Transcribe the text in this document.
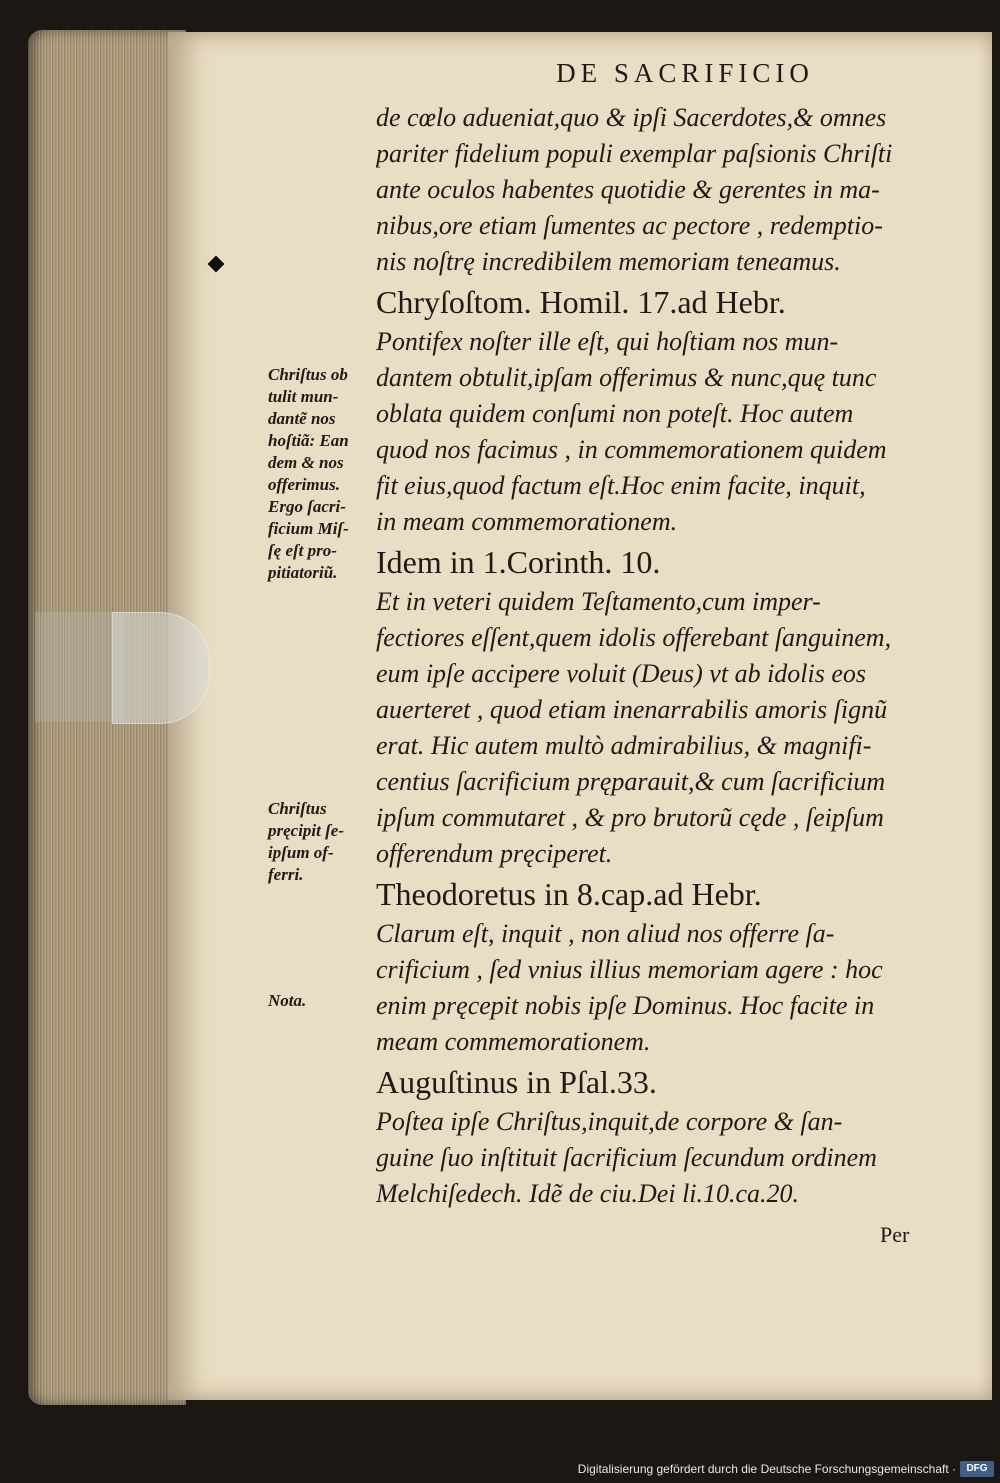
DE SACRIFICIO
de cœlo adueniat,quo & ipſi Sacerdotes,& omnes
pariter fidelium populi exemplar paſsionis Chriſti
ante oculos habentes quotidie & gerentes in ma-
nibus,ore etiam ſumentes ac pectore , redemptio-
nis noſtrę incredibilem memoriam teneamus.
Chryſoſtom. Homil. 17.ad Hebr.
Pontifex noſter ille eſt, qui hoſtiam nos mun-
dantem obtulit,ipſam offerimus & nunc,quę tunc
oblata quidem conſumi non poteſt. Hoc autem
quod nos facimus , in commemorationem quidem
fit eius,quod factum eſt.Hoc enim facite, inquit,
in meam commemorationem.
Idem in 1.Corinth. 10.
Et in veteri quidem Teſtamento,cum imper-
fectiores eſſent,quem idolis offerebant ſanguinem,
eum ipſe accipere voluit (Deus) vt ab idolis eos
auerteret , quod etiam inenarrabilis amoris ſignũ
erat. Hic autem multò admirabilius, & magnifi-
centius ſacrificium pręparauit,& cum ſacrificium
ipſum commutaret , & pro brutorũ cęde , ſeipſum
offerendum pręciperet.
Theodoretus in 8.cap.ad Hebr.
Clarum eſt, inquit , non aliud nos offerre ſa-
crificium , ſed vnius illius memoriam agere : hoc
enim pręcepit nobis ipſe Dominus. Hoc facite in
meam commemorationem.
Auguſtinus in Pſal.33.
Poſtea ipſe Chriſtus,inquit,de corpore & ſan-
guine ſuo inſtituit ſacrificium ſecundum ordinem
Melchiſedech. Idẽ de ciu.Dei li.10.ca.20.
Chriſtus ob
tulit mun-
dantẽ nos
hoſtiã: Ean
dem & nos
offerimus.
Ergo ſacri-
ficium Miſ-
ſę eſt pro-
pitiatoriũ.
Chriſtus
pręcipit ſe-
ipſum of-
ferri.
Nota.
Per
Digitalisierung gefördert durch die Deutsche Forschungsgemeinschaft ·	DFG
